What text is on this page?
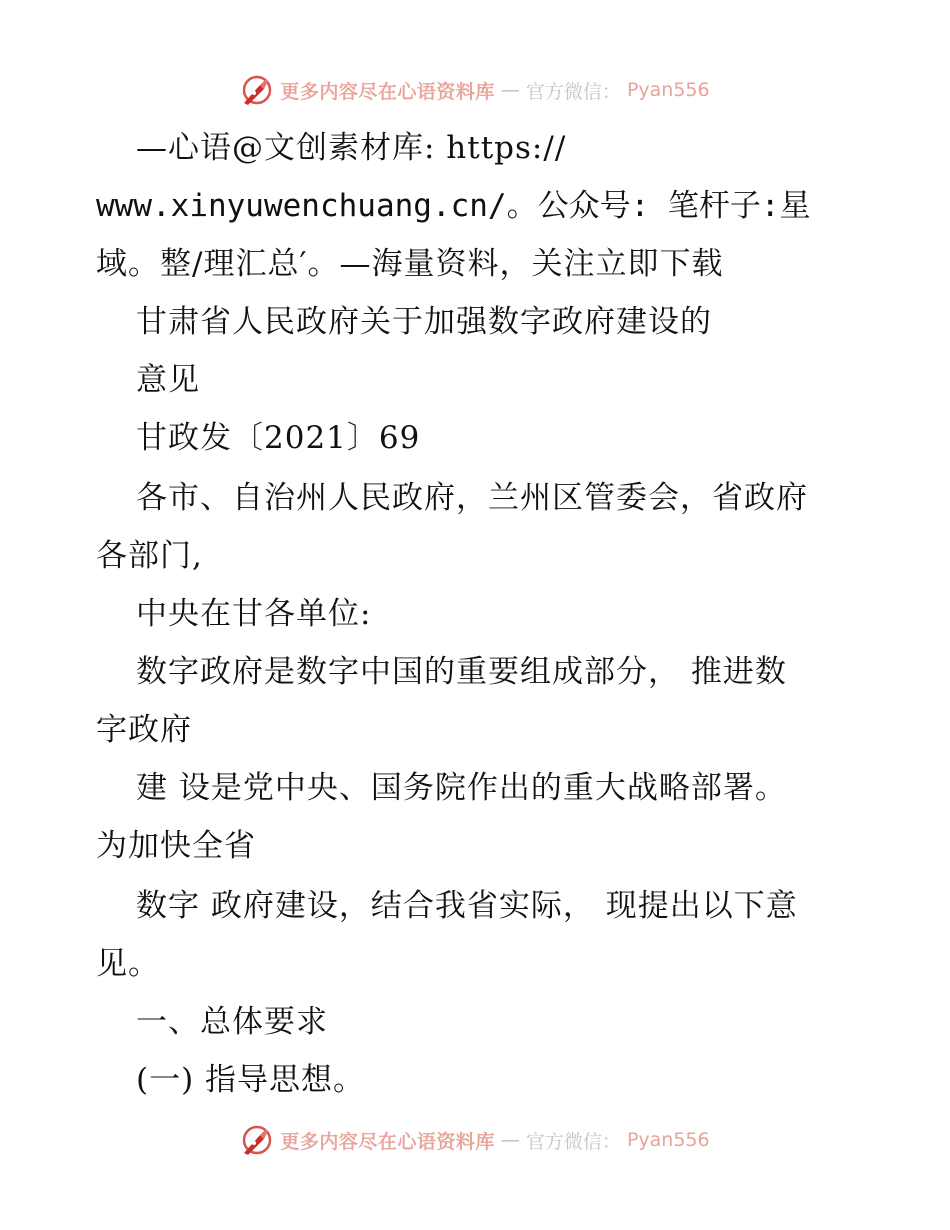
更多内容尽在心语资料库 — 官方微信： Pyan556
—心语@文创素材库: https://
www.xinyuwenchuang.cn/。公众号: 笔杆子:星
域。整/理汇总′。—海量资料，关注立即下载
甘肃省人民政府关于加强数字政府建设的
意见
甘政发〔2021〕69
各市、自治州人民政府，兰州区管委会，省政府
各部门,
中央在甘各单位:
数字政府是数字中国的重要组成部分， 推进数
字政府
建 设是党中央、国务院作出的重大战略部署。
为加快全省
数字 政府建设，结合我省实际， 现提出以下意
见。
一、总体要求
(一) 指导思想。
更多内容尽在心语资料库 — 官方微信： Pyan556
